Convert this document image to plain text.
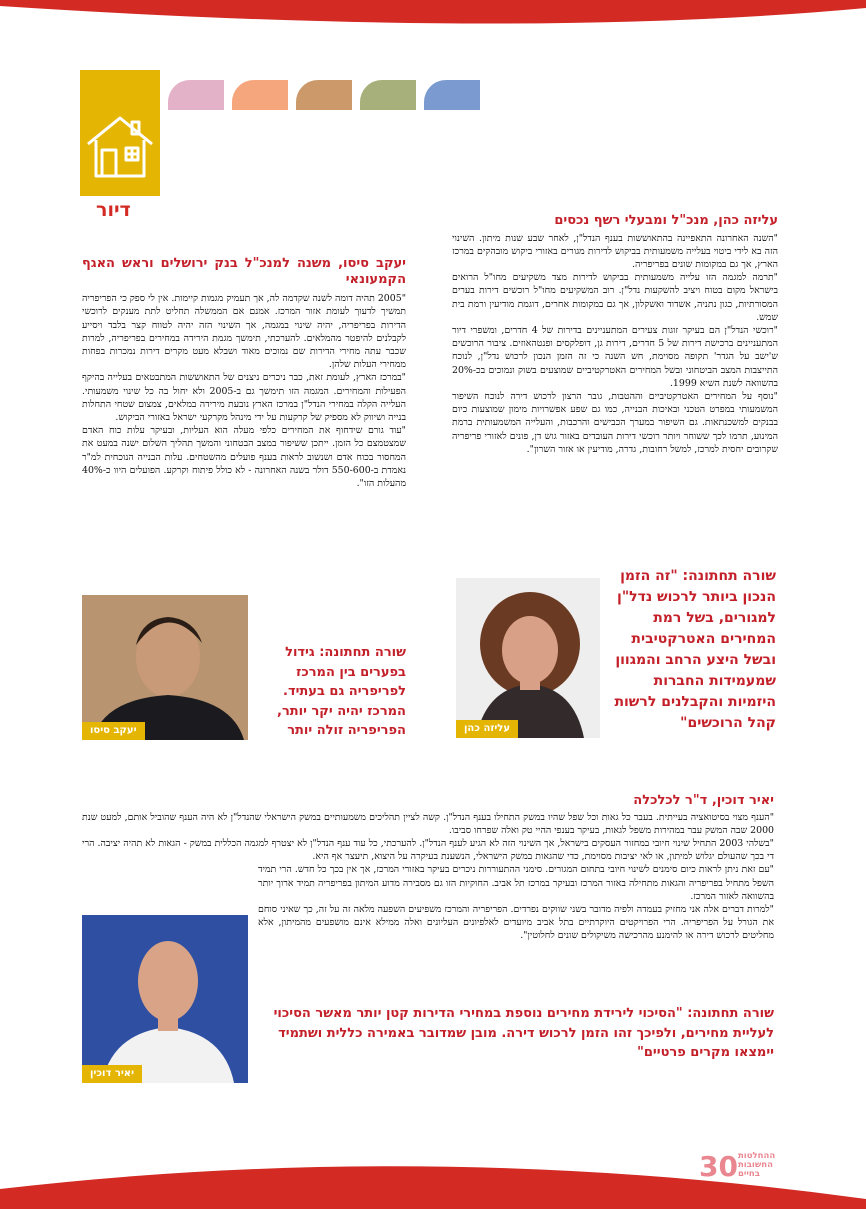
דיור	עליזה כהן, מנכ"ל ומבעלי רשף נכסים

"השנה האחרונה התאפיינה בהתאוששות בענף הנדל"ן, לאחר שבע שנות מיתון. השינוי הזה בא לידי ביטוי בעלייה משמעותית בביקוש לדירות מגורים באזורי ביקוש מובהקים במרכז הארץ, אך גם במקומות שונים בפריפריה.

"תרמה למגמה הזו עלייה משמעותית בביקוש לדירות מצד משקיעים מחו"ל הרואים בישראל מקום בטוח ויציב להשקעות נדל"ן. רוב המשקיעים מחו"ל רוכשים דירות בערים המסורתיות, כגון נתניה, אשדוד ואשקלון, אך גם במקומות אחרים, דוגמת מודיעין ורמת בית שמש.

"רוכשי הנדל"ן הם בעיקר זוגות צעירים המתעניינים בדירות של 4 חדרים, ומשפרי דיור המתעניינים ברכישת דירות של 5 חדרים, דירות גן, דופלקסים ופנטהאוזים. ציבור הרוכשים ש'ישב על הגדר' תקופה מסוימת, חש השנה כי זה הזמן הנכון לרכוש נדל"ן, לנוכח התייצבות המצב הביטחוני ובשל המחירים האטרקטיביים שמוצעים בשוק ונמוכים בכ-20% בהשוואה לשנת השיא 1999.

"נוסף על המחירים האטרקטיביים וההטבות, גובר הרצון לרכוש דירה לנוכח השיפור המשמעותי במפרט הטכני ובאיכות הבנייה, כמו גם שפע אפשרויות מימון שמוצעות כיום בבנקים למשכנתאות. גם השיפור במערך הכבישים והרכבות, והעלייה המשמעותית ברמת המינוע, תרמו לכך ששוחר ויותר רוכשי דירות העובדים באזור גוש דן, פונים לאזורי פריפריה שקרובים יחסית למרכז, למשל רחובות, גדרה, מודיעין או אזור השרון".

שורה תחתונה: "זה הזמן הנכון ביותר לרכוש נדל"ן למגורים, בשל רמת המחירים האטרקטיבית ובשל היצע הרחב והמגוון שמעמידות החברות היזמיות והקבלנים לרשות קהל הרוכשים"
עליזה כהן
יעקב סיסו, משנה למנכ"ל בנק ירושלים וראש האגף הקמעונאי

"2005 תהיה דומה לשנה שקדמה לה, אך תעמיק מגמות קיימות. אין לי ספק כי הפריפריה תמשיך לדעוך לעומת אזור המרכז. אמנם אם הממשלה תחליט לתת מענקים לרוכשי הדירות בפריפריה, יהיה שינוי במגמה, אך השינוי הזה יהיה לטווח קצר בלבד ויסייע לקבלנים להיפטר מהמלאים. להערכתי, תימשך מגמת הירידה במחירים בפריפריה, למרות שכבר עתה מחירי הדירות שם נמוכים מאוד ושבלא מעט מקרים דירות נמכרות בפחות ממחירי העלות שלהן.

"במרכז הארץ, לעומת זאת, כבר ניכרים ניצנים של התאוששות המתבטאים בעלייה בהיקף הפעילות והמחירים. המגמה הזו תימשך גם ב-2005 ולא יחול בה כל שינוי משמעותי. העלייה הקלה במחירי הנדל"ן במרכז הארץ נובעת מירידה במלאים, צמצום שטחי התחלות בנייה ושיווק לא מספיק של קרקעות על ידי מינהל מקרקעי ישראל באזורי הביקוש.

"עוד גורם שידחוף את המחירים כלפי מעלה הוא העליות, ובעיקר עלות כוח האדם שמצטמצם כל הזמן. ייתכן ששיפור במצב הבטחוני והמשך תהליך השלום ישנה במעט את המחסור בכוח אדם ושנשוב לראות בענף פועלים מהשטחים. עלות הבנייה הנוכחית למ"ר נאמדת ב-550-600 דולר בשנה האחרונה - לא כולל פיתוח וקרקע. הפועלים היוו כ-40% מהעלות הזו".

שורה תחתונה: גידול בפערים בין המרכז לפריפריה גם בעתיד. המרכז יהיה יקר יותר, הפריפריה זולה יותר
יעקב סיסו
יאיר דוכין, ד"ר לכלכלה

"הענף מצוי בסיטואציה בעייתית. בעבר כל גאות וכל שפל שהיו במשק התחילו בענף הנדל"ן. קשה לציין תהליכים משמעותיים במשק הישראלי שהנדל"ן לא היה הענף שהוביל אותם, למעט שנת 2000 שבה המשק עבר במהירות משפל לגאות, בעיקר בענפי ההיי טק ואלה שפרחו סביבו.

"בשלהי 2003 התחיל שינוי חיובי במחזור העסקים בישראל, אך השינוי הזה לא הגיע לענף הנדל"ן. להערכתי, כל עוד ענף הנדל"ן לא יצטרף למגמה הכללית במשק - הגאות לא תהיה יציבה. הרי די בכך שהעולם יגלוש למיתון, או לאי יציבות מסוימת, כדי שהגאות במשק הישראלי, הנשענת בעיקרה על היצוא, תיעצר אף היא.

"עם זאת ניתן לראות כיום סימנים לשינוי חיובי בתחום המגורים. סימני ההתעוררות ניכרים בעיקר באזורי המרכז, אך אין בכך כל חדש. הרי תמיד השפל מתחיל בפריפריה והגאות מתחילה באזור המרכז ובעיקר במרכז תל אביב. החוקיות הזו גם מסבירה מדוע המיתון בפריפריה תמיד ארוך יותר בהשוואה לאזור המרכז.

"למרות דברים אלה אני מחזיק בעמדה ולפיה מדובר בשני שווקים נפרדים. הפריפריה והמרכז משפיעים השפעה מלאה זה על זה, כך שאיני סוחם את הגורל על הפריפריה. הרי הפרויקטים היוקרתיים בתל אביב מיועדים לאלפיונים העליונים ואלה ממילא אינם מושפעים מהמיתון, אלא מחליטים לרכוש דירה או להימנע מהרכישה משיקולים שונים לחלוטין".

שורה תחתונה: "הסיכוי לירידת מחירים נוספת במחירי הדירות קטן יותר מאשר הסיכוי לעליית מחירים, ולפיכך זהו הזמן לרכוש דירה. מובן שמדובר באמירה כללית ושתמיד יימצאו מקרים פרטיים"
יאיר דוכין
30 ההחלטות החשובות בחיים
